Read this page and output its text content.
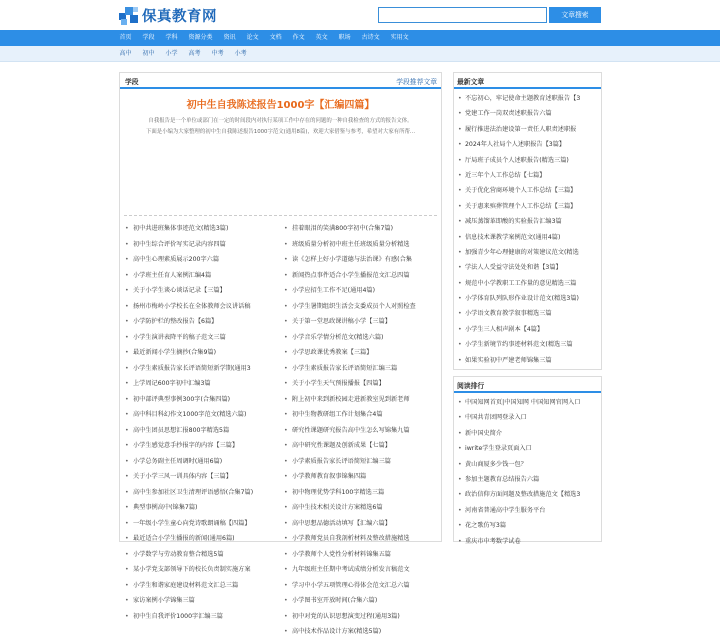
保真教育网	文章搜索
首页	学段	学科	资源分类	资讯	论文	文档	作文	英文	职场	古诗文	实用文
高中	初中	小学	高考	中考	小考
学段	学段推荐文章
初中生自我陈述报告1000字【汇编四篇】
自我报告是一个单位或部门在一定的时间段内对执行某项工作中存在的问题的一种自我检查的方式的报告文体。
下面是小编为大家整理的初中生自我陈述报告1000字范文(通用8篇)，欢迎大家借鉴与参考，希望对大家有所帮...
• 初中共进班集体事迹范文(精选3篇)
• 初中生综合评价写实记录内容四篇
• 高中生心理素质展示200字六篇
• 小学班主任育人案例汇编4篇
• 关于小学生谈心谈话记录【三篇】
• 扬州市梅岭小学校长在全体教师会议讲话稿
• 小学防护栏的整改报告【6篇】
• 小学生演讲表降平的稿子范文三篇
• 最近新闻小学生摘抄(合集9篇)
• 小学生素质报告家长评语简短新学期(通用3
• 上学周记600字初中汇编3篇
• 初中部评典型事例300字(合集四篇)
• 高中科目科幻作文1000字范文(精选六篇)
• 高中生团员思想汇报800字精选5篇
• 小学生感觉意手抄报字的内容【三篇】
• 小学总务副主任周调时(通用6篇)
• 关于小学三风一训具体内容【三篇】
• 高中生参加社区卫生清理评语感悟(合集7篇)
• 典型事例高中(锦集7篇)
• 一年级小学生童心向党诗歌朗诵稿【四篇】
• 最近适合小学生播报的新闻(通用6篇)
• 小学数学与劳动教育整合精选5篇
• 某小学党支部领导下的校长负责制实施方案
• 小学生和谐家庭建设材料范文汇总三篇
• 家访案例小学锦集三篇
• 初中生自我评价1000字汇编三篇
• 挂着眼泪的笑满800字初中(合集7篇)
• 班级质量分析初中班主任班级质量分析精选
• 读《怎样上好小学道德与法治课》有感(合集
• 新闻热点事件适合小学生播报范文汇总四篇
• 小学应招生工作不足(通用4篇)
• 小学生暑期组织生活会支委成员个人对照检查
• 关于第一堂思政课讲稿小学【三篇】
• 小学音乐学情分析范文(精选六篇)
• 小学思政课优秀教案【三篇】
• 小学生素质报告家长评语简短汇编三篇
• 关于小学生天气预报播报【四篇】
• 附上初中来到新校园走进新教室见到新老师
• 初中生物教研组工作计划集合4篇
• 研究性课题研究报告高中生怎么写锦集九篇
• 高中研究性课题及创新成果【七篇】
• 小学素质报告家长评语简短汇编三篇
• 小学教师教育叙事锦集四篇
• 初中物理优势学科100字精选三篇
• 高中生技术相关设计方案精选6篇
• 高中思想品德活动填写【汇编六篇】
• 小学教师党员自我剖析材料及整改措施精选
• 小学教师个人党性分析材料锦集五篇
• 九年级班主任期中考试成绩分析发言稿范文
• 学习中小学五项管理心得体会范文汇总六篇
• 小学图书室开放时间(合集六篇)
• 初中对党的认识思想演变过程(通用3篇)
• 高中技术作品设计方案(精选5篇)
最新文章
• 不忘初心，牢记使命主题教育述职报告【3
• 党建工作一岗双责述职报告六篇
• 履行推进法治建设第一责任人职责述职报
• 2024年人社局个人述职报告【3篇】
• 厅局班子成员个人述职报告(精选三篇)
• 近三年个人工作总结【七篇】
• 关于优化营商环境个人工作总结【三篇】
• 关于惠来殡葬管理个人工作总结【三篇】
• 减压蒸馏革即酸的实验报告汇编3篇
• 信息技术课教学案例范文(通用4篇)
• 加强青少年心理健康的对策建议范文(精选
• 学法人人受益守法处处和谐【3篇】
• 规范中小学教职工工作量的意见精选三篇
• 小学体育队列队形作业设计范文(精选3篇)
• 小学语文教育教学叙事精选三篇
• 小学生三人相声剧本【4篇】
• 小学生新境节约事迹材料范文(精选三篇
• 如果实验初中严建老师锦集三篇
阅读排行
• 中国知网首页|中国知网 中国知网官网入口
• 中国共青团网登录入口
• 新中国史简介
• iwrite学生登录页面入口
• 黄山商厦多少钱一包？
• 参加主题教育总结报告六篇
• 政治信仰方面问题及整改措施范文【精选3
• 河南省普通高中学生服务平台
• 花之歌仿写3篇
• 重庆市中考数学试卷
